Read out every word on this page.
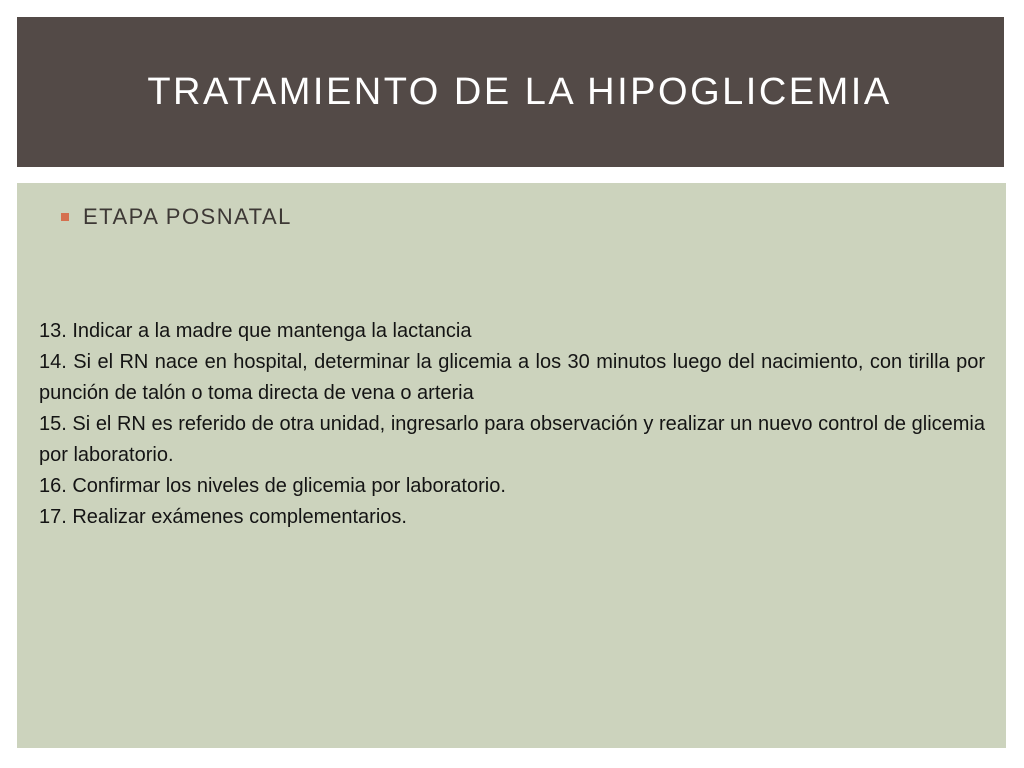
TRATAMIENTO DE LA HIPOGLICEMIA
ETAPA POSNATAL

13. Indicar a la madre que mantenga la lactancia

14. Si el RN nace en hospital, determinar la glicemia a los 30 minutos luego del nacimiento, con tirilla por punción de talón o toma directa de vena o arteria

15. Si el RN es referido de otra unidad, ingresarlo para observación y realizar un nuevo control de glicemia por laboratorio.

16. Confirmar los niveles de glicemia por laboratorio.

17. Realizar exámenes complementarios.
